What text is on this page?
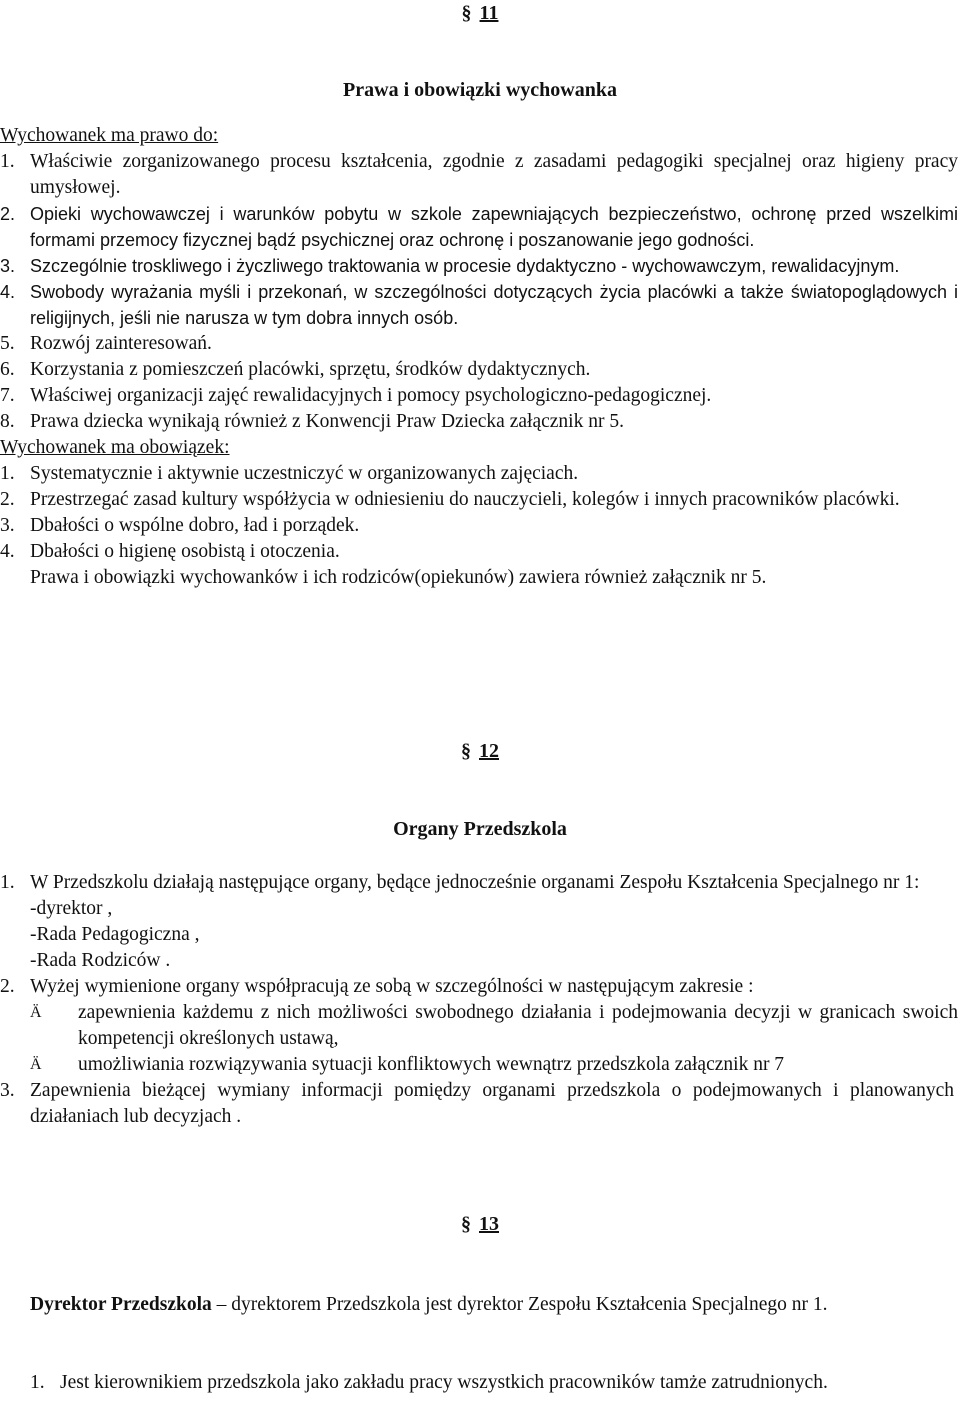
§ 11
Prawa i obowiązki wychowanka
Wychowanek ma prawo do:
1. Właściwie zorganizowanego procesu kształcenia, zgodnie z zasadami pedagogiki specjalnej oraz higieny pracy umysłowej.
2. Opieki wychowawczej i warunków pobytu w szkole zapewniających bezpieczeństwo, ochronę przed wszelkimi formami przemocy fizycznej bądź psychicznej oraz ochronę i poszanowanie jego godności.
3. Szczególnie troskliwego i życzliwego traktowania w procesie dydaktyczno - wychowawczym, rewalidacyjnym.
4. Swobody wyrażania myśli i przekonań, w szczególności dotyczących życia placówki a także światopoglądowych i religijnych, jeśli nie narusza w tym dobra innych osób.
5. Rozwój zainteresowań.
6. Korzystania z pomieszczeń placówki, sprzętu, środków dydaktycznych.
7. Właściwej organizacji zajęć rewalidacyjnych i pomocy psychologiczno-pedagogicznej.
8. Prawa dziecka wynikają również z Konwencji Praw Dziecka załącznik nr 5.
Wychowanek ma obowiązek:
1. Systematycznie i aktywnie uczestniczyć w organizowanych zajęciach.
2. Przestrzegać zasad kultury współżycia w odniesieniu do nauczycieli, kolegów i innych pracowników placówki.
3. Dbałości o wspólne dobro, ład i porządek.
4. Dbałości o higienę osobistą i otoczenia.
Prawa i obowiązki wychowanków i ich rodziców(opiekunów) zawiera również załącznik nr 5.
§ 12
Organy Przedszkola
1. W Przedszkolu działają następujące organy, będące jednocześnie organami Zespołu Kształcenia Specjalnego nr 1:
-dyrektor ,
-Rada Pedagogiczna ,
-Rada Rodziców .
2. Wyżej wymienione organy współpracują ze sobą w szczególności w następującym zakresie :
Ä	zapewnienia każdemu z nich możliwości swobodnego działania i podejmowania decyzji w granicach swoich kompetencji określonych ustawą,
Ä	umożliwiania rozwiązywania sytuacji konfliktowych wewnątrz przedszkola załącznik nr 7
3. Zapewnienia bieżącej wymiany informacji pomiędzy organami przedszkola o podejmowanych i planowanych działaniach lub decyzjach .
§ 13
Dyrektor Przedszkola – dyrektorem Przedszkola jest dyrektor Zespołu Kształcenia Specjalnego nr 1.
1. Jest kierownikiem przedszkola jako zakładu pracy wszystkich pracowników tamże zatrudnionych.
